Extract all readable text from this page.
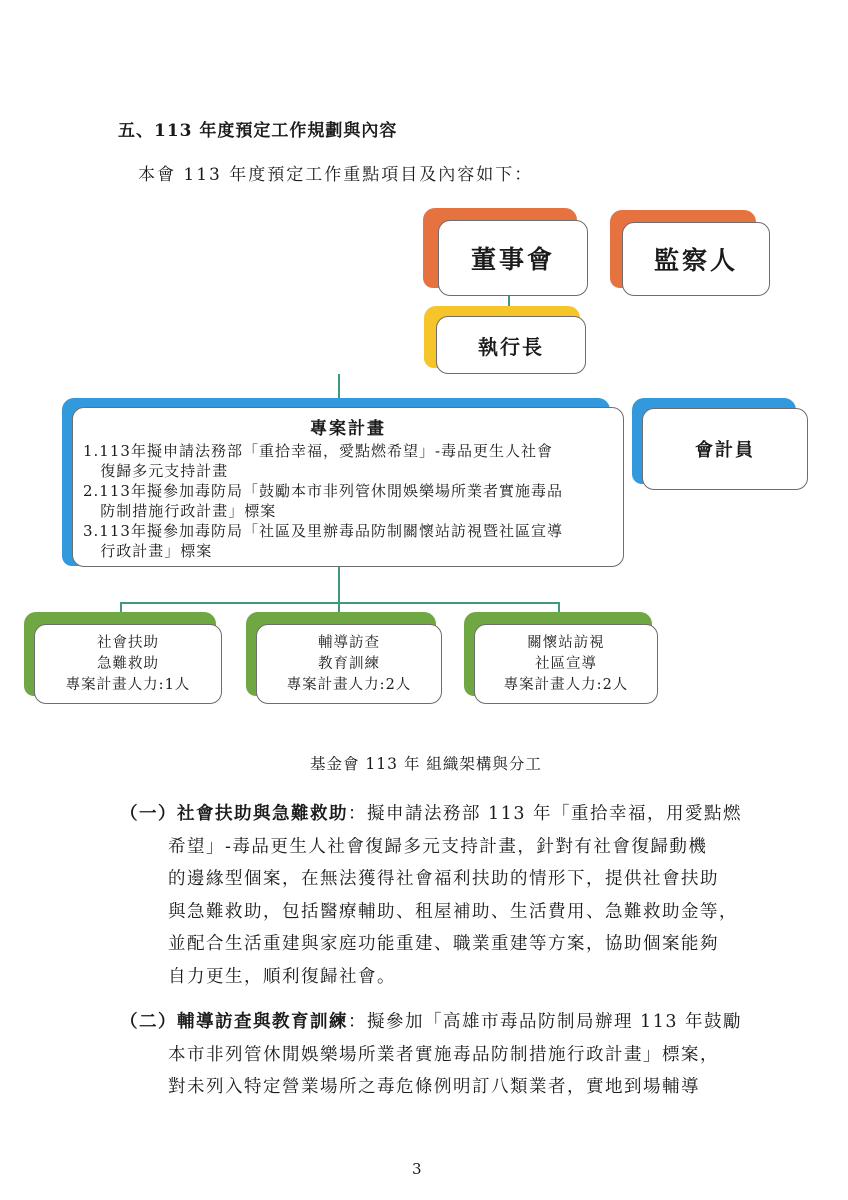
五、113 年度預定工作規劃與內容
本會 113 年度預定工作重點項目及內容如下：
董事會	監察人
執行長
專案計畫
1.113年擬申請法務部「重拾幸福，愛點燃希望」-毒品更生人社會
復歸多元支持計畫
2.113年擬參加毒防局「鼓勵本市非列管休閒娛樂場所業者實施毒品
防制措施行政計畫」標案
3.113年擬參加毒防局「社區及里辦毒品防制關懷站訪視暨社區宣導
行政計畫」標案
會計員
社會扶助
急難救助
專案計畫人力:1人
輔導訪查
教育訓練
專案計畫人力:2人
關懷站訪視
社區宣導
專案計畫人力:2人
基金會 113 年 組織架構與分工
（一）社會扶助與急難救助：擬申請法務部 113 年「重拾幸福，用愛點燃
希望」-毒品更生人社會復歸多元支持計畫，針對有社會復歸動機
的邊緣型個案，在無法獲得社會福利扶助的情形下，提供社會扶助
與急難救助，包括醫療輔助、租屋補助、生活費用、急難救助金等，
並配合生活重建與家庭功能重建、職業重建等方案，協助個案能夠
自力更生，順利復歸社會。
（二）輔導訪查與教育訓練：擬參加「高雄市毒品防制局辦理 113 年鼓勵
本市非列管休閒娛樂場所業者實施毒品防制措施行政計畫」標案，
對未列入特定營業場所之毒危條例明訂八類業者，實地到場輔導
3
